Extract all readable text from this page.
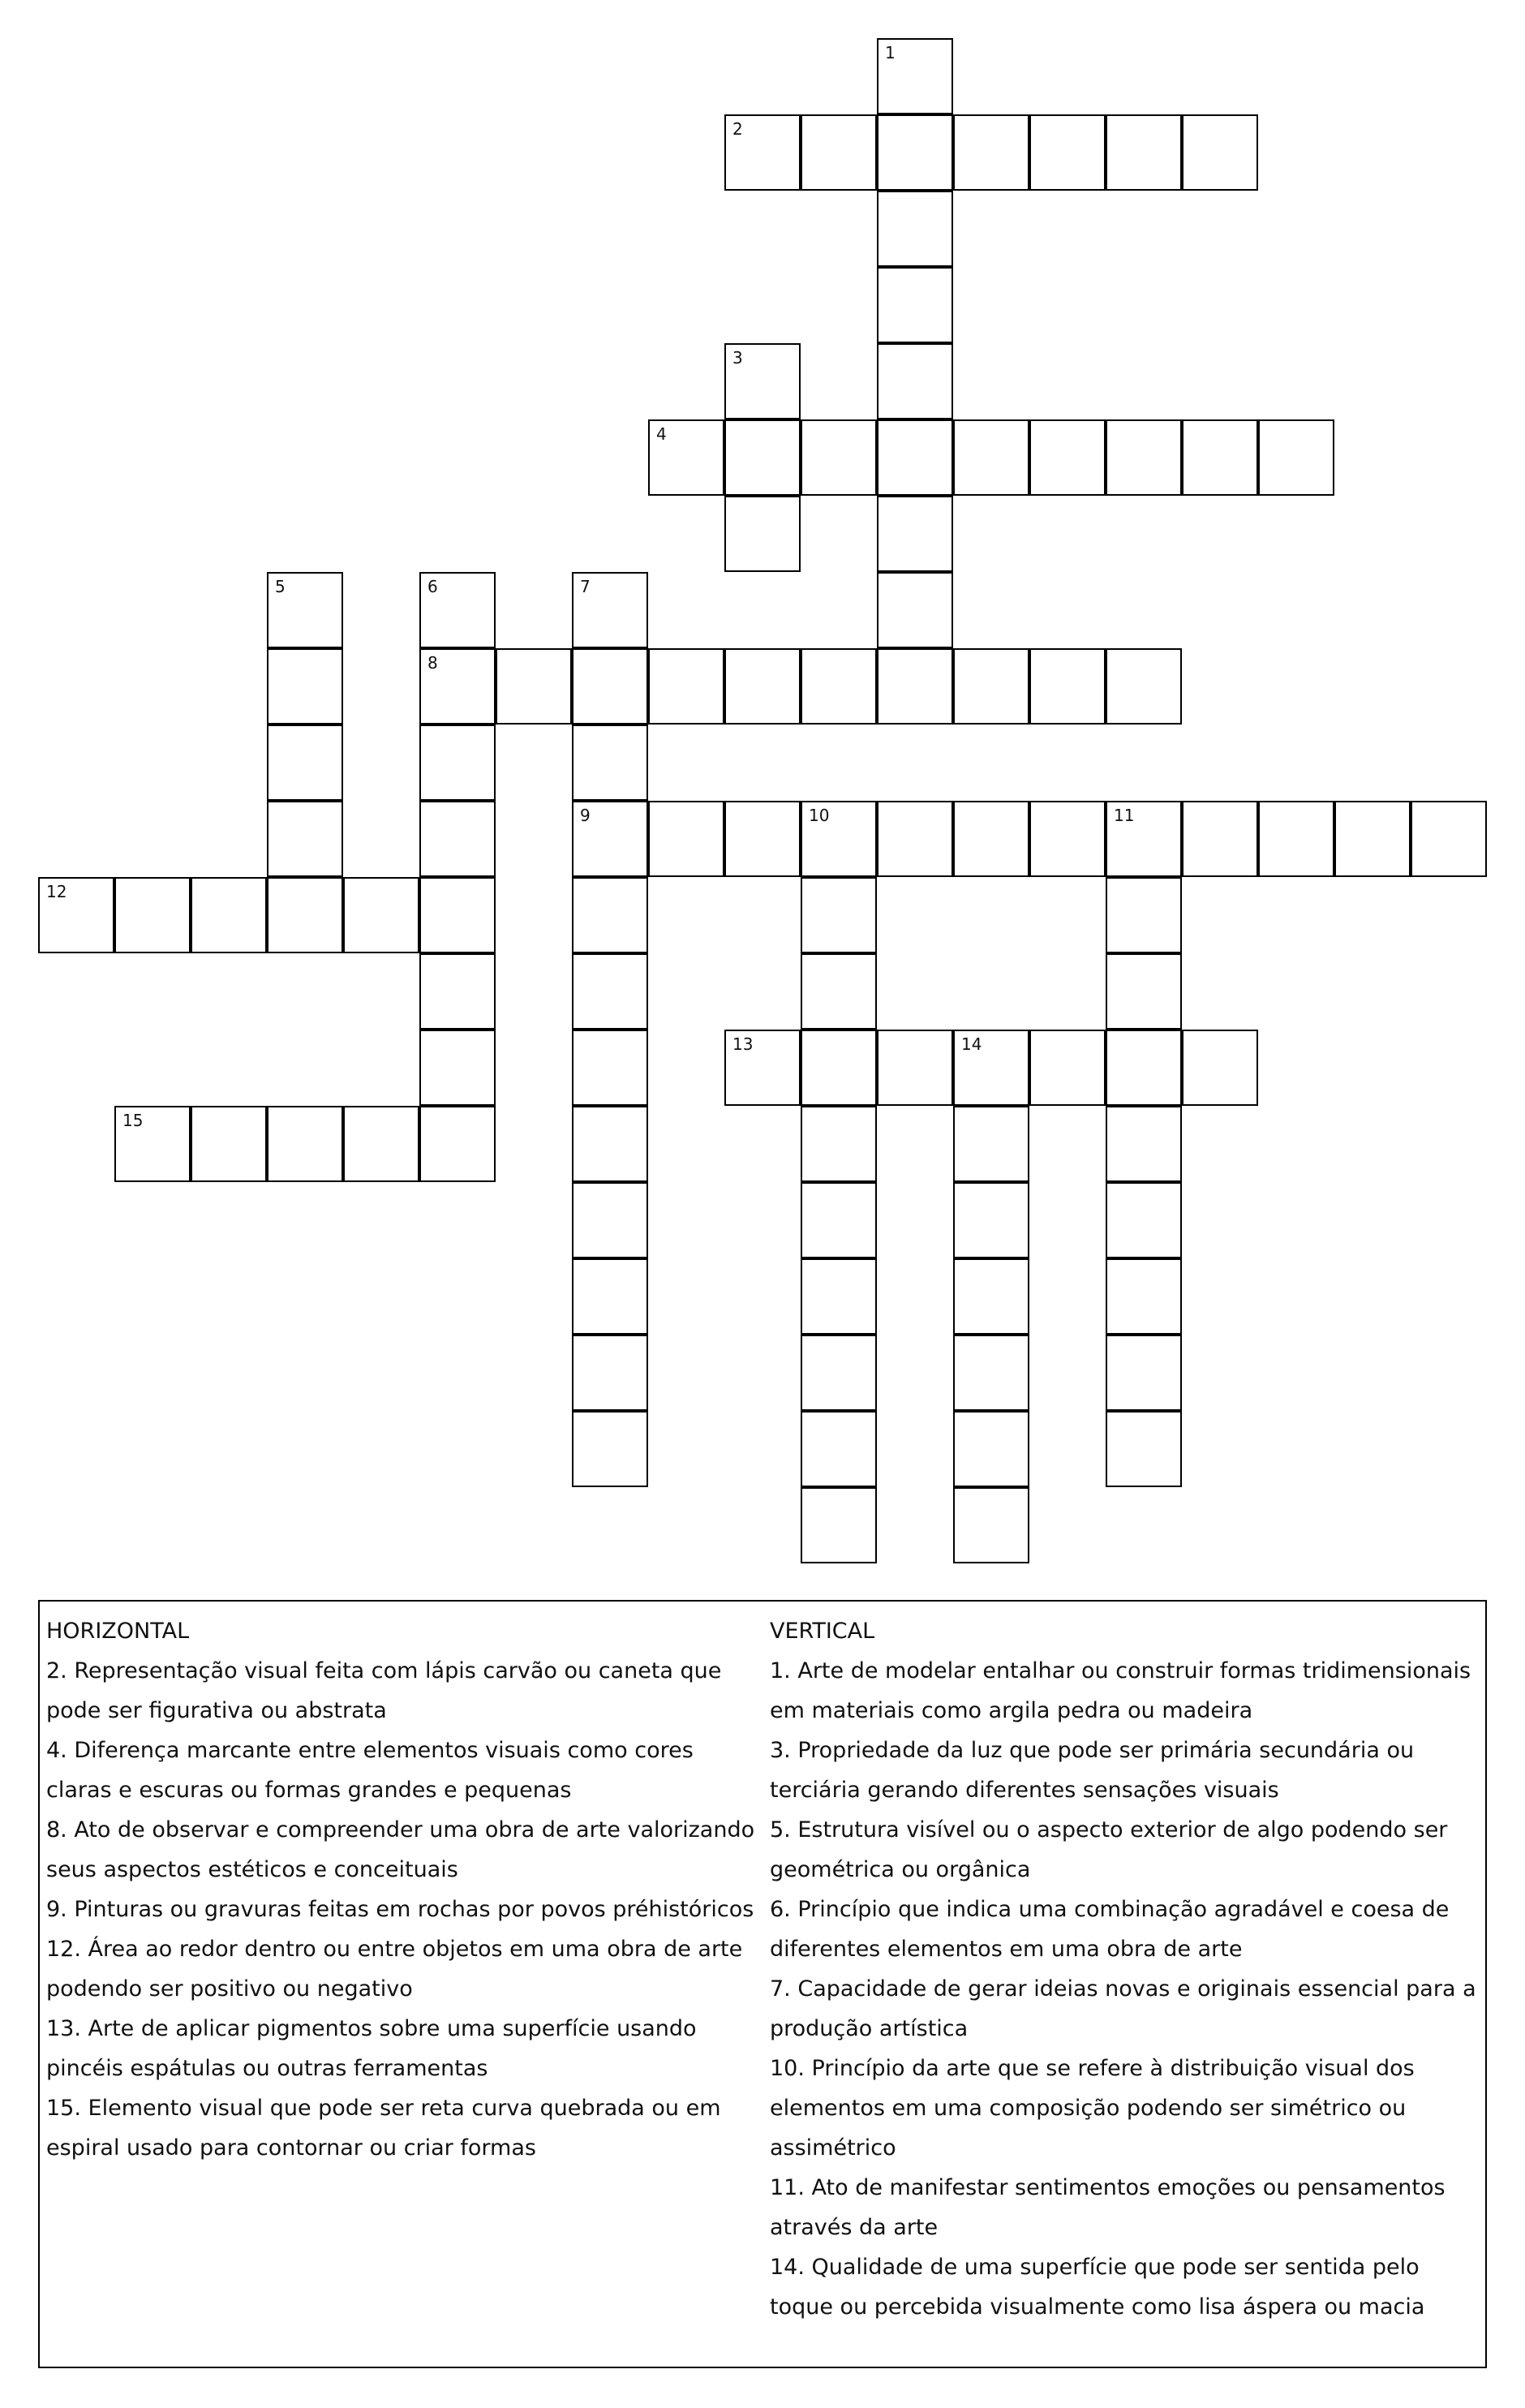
1
2
3
4
5	6
8
7
9	10	11
12
13	14
15
HORIZONTAL
2. Representação visual feita com lápis carvão ou caneta que pode ser figurativa ou abstrata
4. Diferença marcante entre elementos visuais como cores claras e escuras ou formas grandes e pequenas
8. Ato de observar e compreender uma obra de arte valorizando seus aspectos estéticos e conceituais
9. Pinturas ou gravuras feitas em rochas por povos préhistóricos
12. Área ao redor dentro ou entre objetos em uma obra de arte podendo ser positivo ou negativo
13. Arte de aplicar pigmentos sobre uma superfície usando pincéis espátulas ou outras ferramentas
15. Elemento visual que pode ser reta curva quebrada ou em espiral usado para contornar ou criar formas
VERTICAL
1. Arte de modelar entalhar ou construir formas tridimensionais em materiais como argila pedra ou madeira
3. Propriedade da luz que pode ser primária secundária ou terciária gerando diferentes sensações visuais
5. Estrutura visível ou o aspecto exterior de algo podendo ser geométrica ou orgânica
6. Princípio que indica uma combinação agradável e coesa de diferentes elementos em uma obra de arte
7. Capacidade de gerar ideias novas e originais essencial para a produção artística
10. Princípio da arte que se refere à distribuição visual dos elementos em uma composição podendo ser simétrico ou assimétrico
11. Ato de manifestar sentimentos emoções ou pensamentos através da arte
14. Qualidade de uma superfície que pode ser sentida pelo toque ou percebida visualmente como lisa áspera ou macia
